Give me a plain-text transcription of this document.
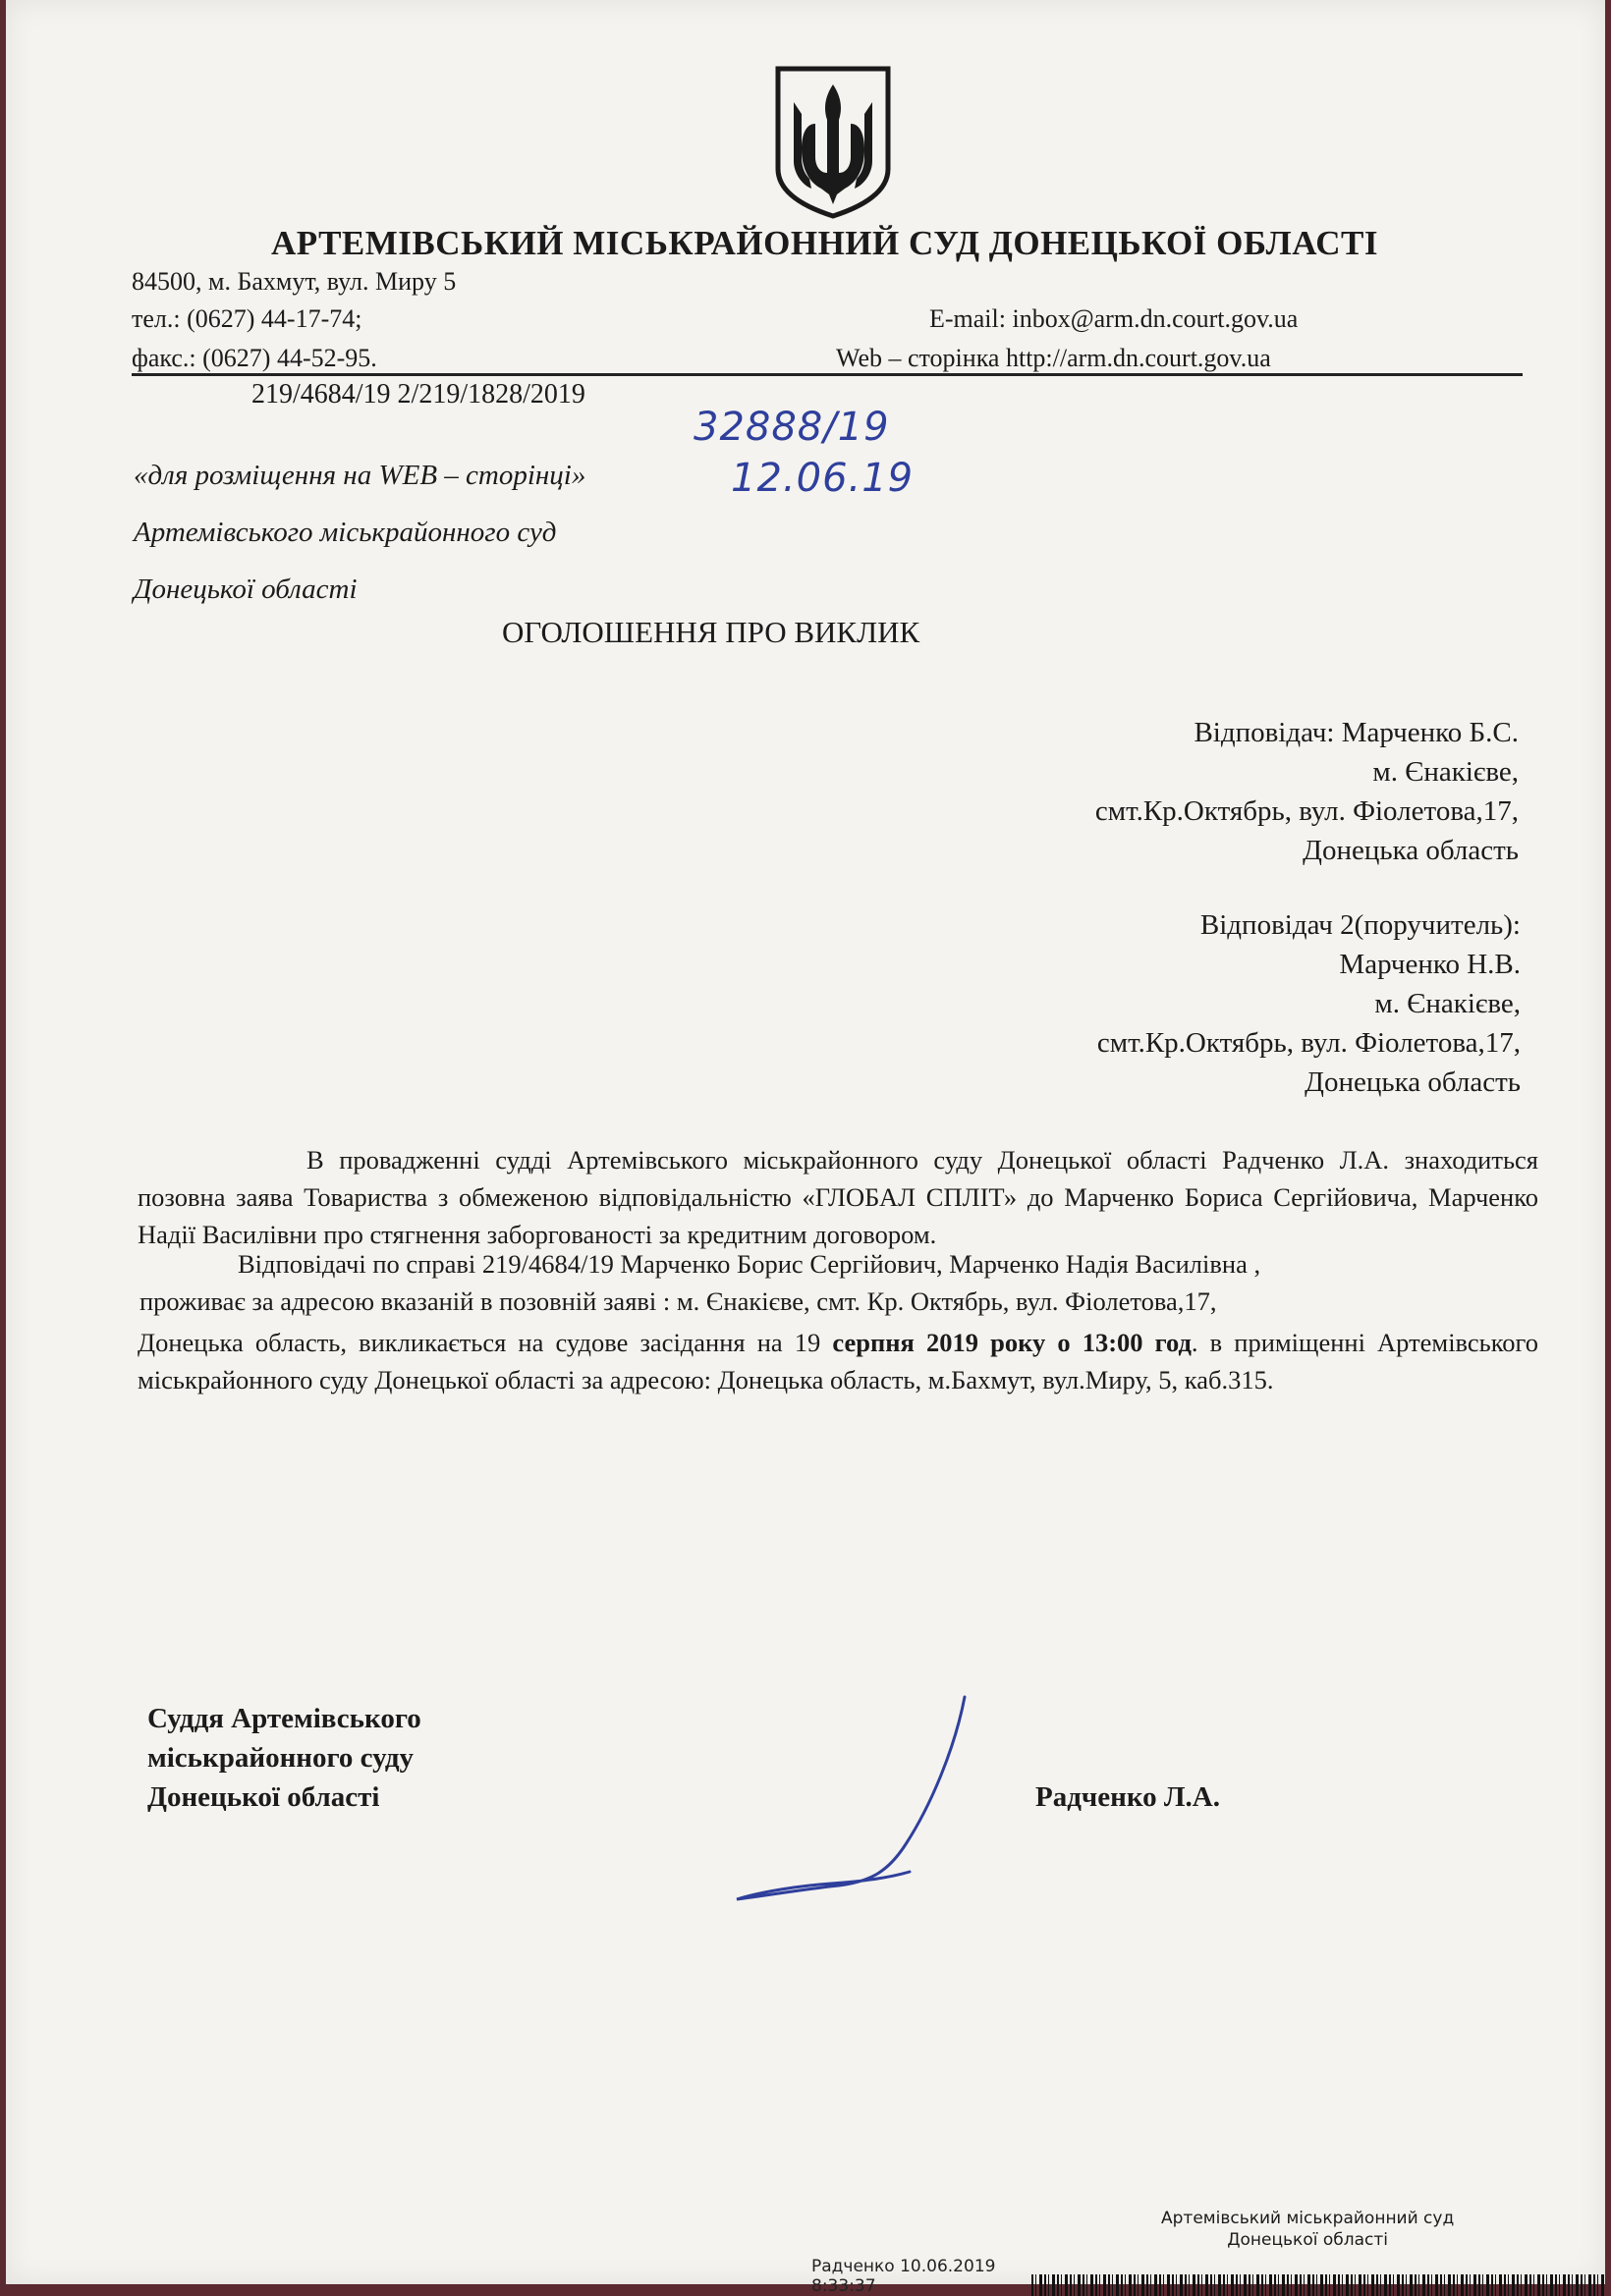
АРТЕМІВСЬКИЙ МІСЬКРАЙОННИЙ СУД ДОНЕЦЬКОЇ ОБЛАСТІ
84500, м. Бахмут, вул. Миру 5
тел.: (0627) 44-17-74;	E-mail: inbox@arm.dn.court.gov.ua
факс.: (0627) 44-52-95.	Web – сторінка http://arm.dn.court.gov.ua
219/4684/19 2/219/1828/2019
32888/19
12.06.19
«для розміщення на WEB – сторінці»
Артемівського міськрайонного суд
Донецької області
ОГОЛОШЕННЯ ПРО ВИКЛИК
Відповідач: Марченко Б.С.
м. Єнакієве,
смт.Кр.Октябрь, вул. Фіолетова,17,
Донецька область
Відповідач 2(поручитель):
Марченко Н.В.
м. Єнакієве,
смт.Кр.Октябрь, вул. Фіолетова,17,
Донецька область
В провадженні судді Артемівського міськрайонного суду Донецької області Радченко Л.А. знаходиться позовна заява Товариства з обмеженою відповідальністю «ГЛОБАЛ СПЛІТ» до Марченко Бориса Сергійовича, Марченко Надії Василівни про стягнення заборгованості за кредитним договором.
Відповідачі по справі 219/4684/19 Марченко Борис Сергійович, Марченко Надія Василівна ,
проживає за адресою вказаній в позовній заяві : м. Єнакієве, смт. Кр. Октябрь, вул. Фіолетова,17,
Донецька область, викликається на судове засідання на 19 серпня 2019 року о 13:00 год. в приміщенні Артемівського міськрайонного суду Донецької області за адресою: Донецька область, м.Бахмут, вул.Миру, 5, каб.315.
Суддя Артемівського
міськрайонного суду
Донецької області	Радченко Л.А.
Артемівський міськрайонний суд
Донецької області
Радченко 10.06.2019 8:33:37
